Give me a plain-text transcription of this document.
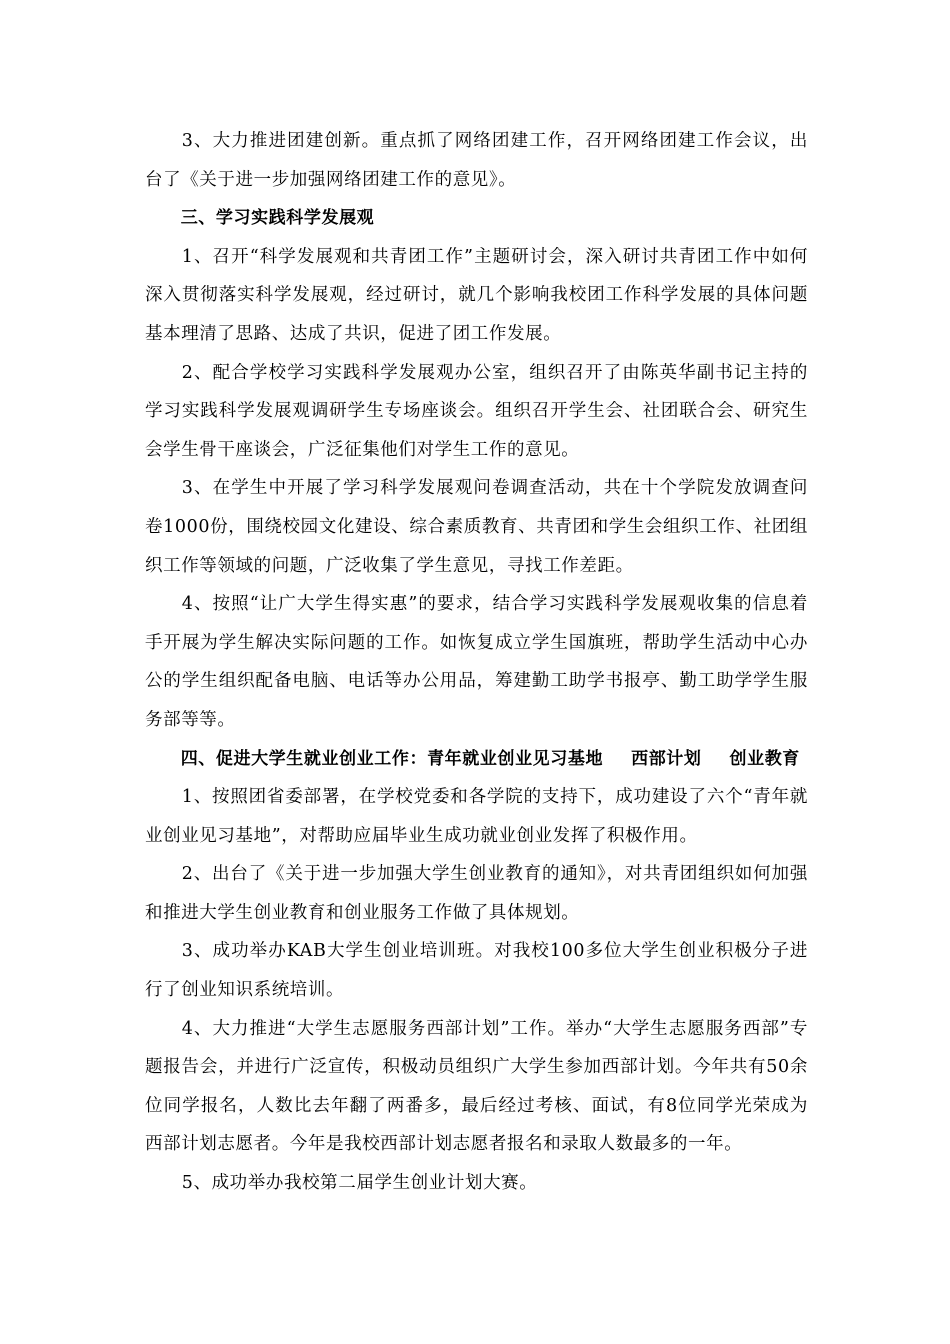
3、大力推进团建创新。重点抓了网络团建工作，召开网络团建工作会议，出台了《关于进一步加强网络团建工作的意见》。

三、学习实践科学发展观

1、召开“科学发展观和共青团工作”主题研讨会，深入研讨共青团工作中如何深入贯彻落实科学发展观，经过研讨，就几个影响我校团工作科学发展的具体问题基本理清了思路、达成了共识，促进了团工作发展。

2、配合学校学习实践科学发展观办公室，组织召开了由陈英华副书记主持的学习实践科学发展观调研学生专场座谈会。组织召开学生会、社团联合会、研究生会学生骨干座谈会，广泛征集他们对学生工作的意见。

3、在学生中开展了学习科学发展观问卷调查活动，共在十个学院发放调查问卷1000份，围绕校园文化建设、综合素质教育、共青团和学生会组织工作、社团组织工作等领域的问题，广泛收集了学生意见，寻找工作差距。

4、按照“让广大学生得实惠”的要求，结合学习实践科学发展观收集的信息着手开展为学生解决实际问题的工作。如恢复成立学生国旗班，帮助学生活动中心办公的学生组织配备电脑、电话等办公用品，筹建勤工助学书报亭、勤工助学学生服务部等等。

四、促进大学生就业创业工作：青年就业创业见习基地 西部计划 创业教育

1、按照团省委部署，在学校党委和各学院的支持下，成功建设了六个“青年就业创业见习基地”，对帮助应届毕业生成功就业创业发挥了积极作用。

2、出台了《关于进一步加强大学生创业教育的通知》，对共青团组织如何加强和推进大学生创业教育和创业服务工作做了具体规划。

3、成功举办KAB大学生创业培训班。对我校100多位大学生创业积极分子进行了创业知识系统培训。

4、大力推进“大学生志愿服务西部计划”工作。举办“大学生志愿服务西部”专题报告会，并进行广泛宣传，积极动员组织广大学生参加西部计划。今年共有50余位同学报名，人数比去年翻了两番多，最后经过考核、面试，有8位同学光荣成为西部计划志愿者。今年是我校西部计划志愿者报名和录取人数最多的一年。

5、成功举办我校第二届学生创业计划大赛。
